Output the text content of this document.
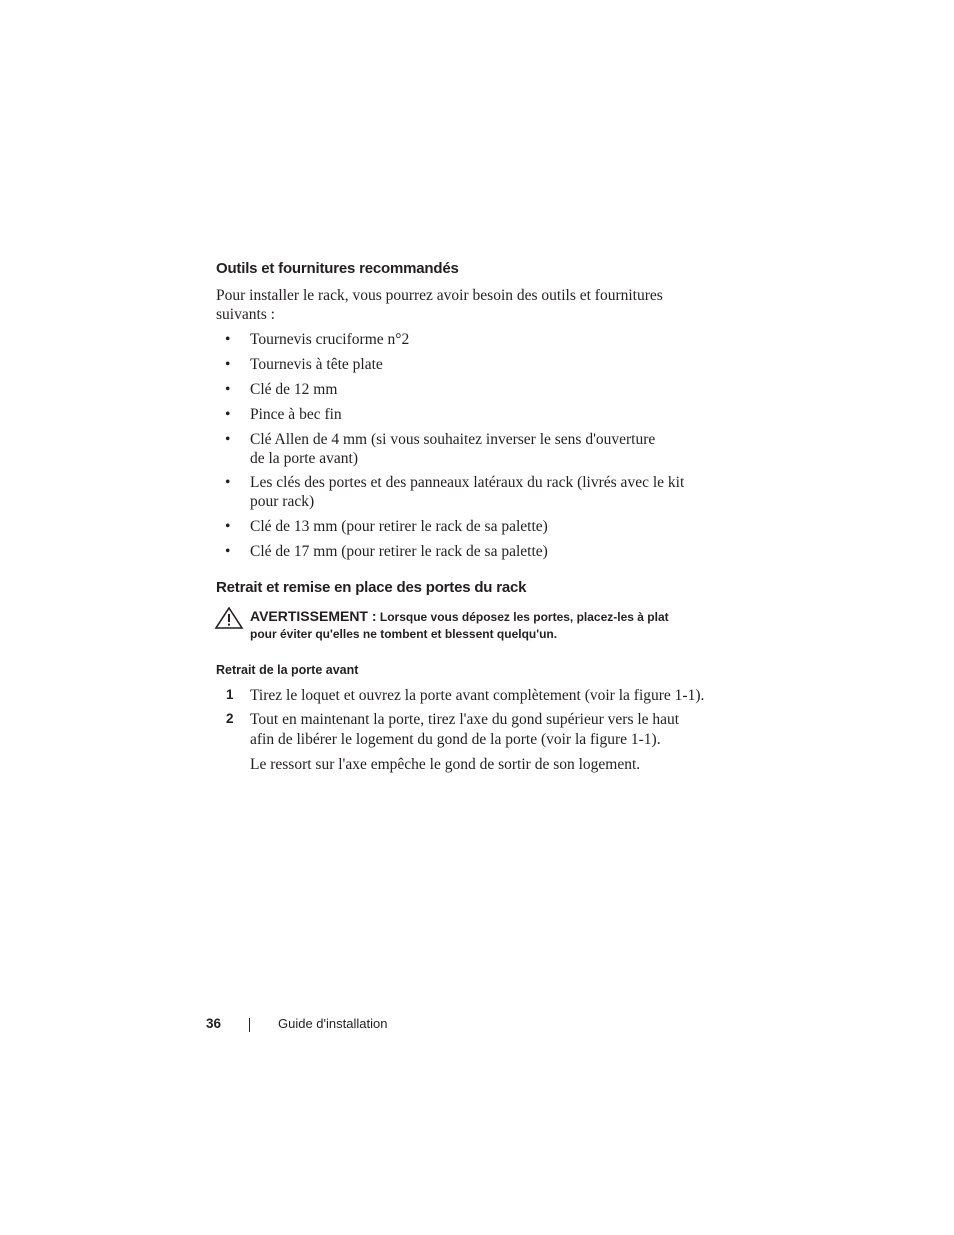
Outils et fournitures recommandés
Pour installer le rack, vous pourrez avoir besoin des outils et fournitures
suivants :
• Tournevis cruciforme n°2
• Tournevis à tête plate
• Clé de 12 mm
• Pince à bec fin
• Clé Allen de 4 mm (si vous souhaitez inverser le sens d'ouverture
de la porte avant)
• Les clés des portes et des panneaux latéraux du rack (livrés avec le kit
pour rack)
• Clé de 13 mm (pour retirer le rack de sa palette)
• Clé de 17 mm (pour retirer le rack de sa palette)
Retrait et remise en place des portes du rack
AVERTISSEMENT : Lorsque vous déposez les portes, placez-les à plat
pour éviter qu'elles ne tombent et blessent quelqu'un.
Retrait de la porte avant
1 Tirez le loquet et ouvrez la porte avant complètement (voir la figure 1-1).
2 Tout en maintenant la porte, tirez l'axe du gond supérieur vers le haut
afin de libérer le logement du gond de la porte (voir la figure 1-1).
Le ressort sur l'axe empêche le gond de sortir de son logement.
36	Guide d'installation
